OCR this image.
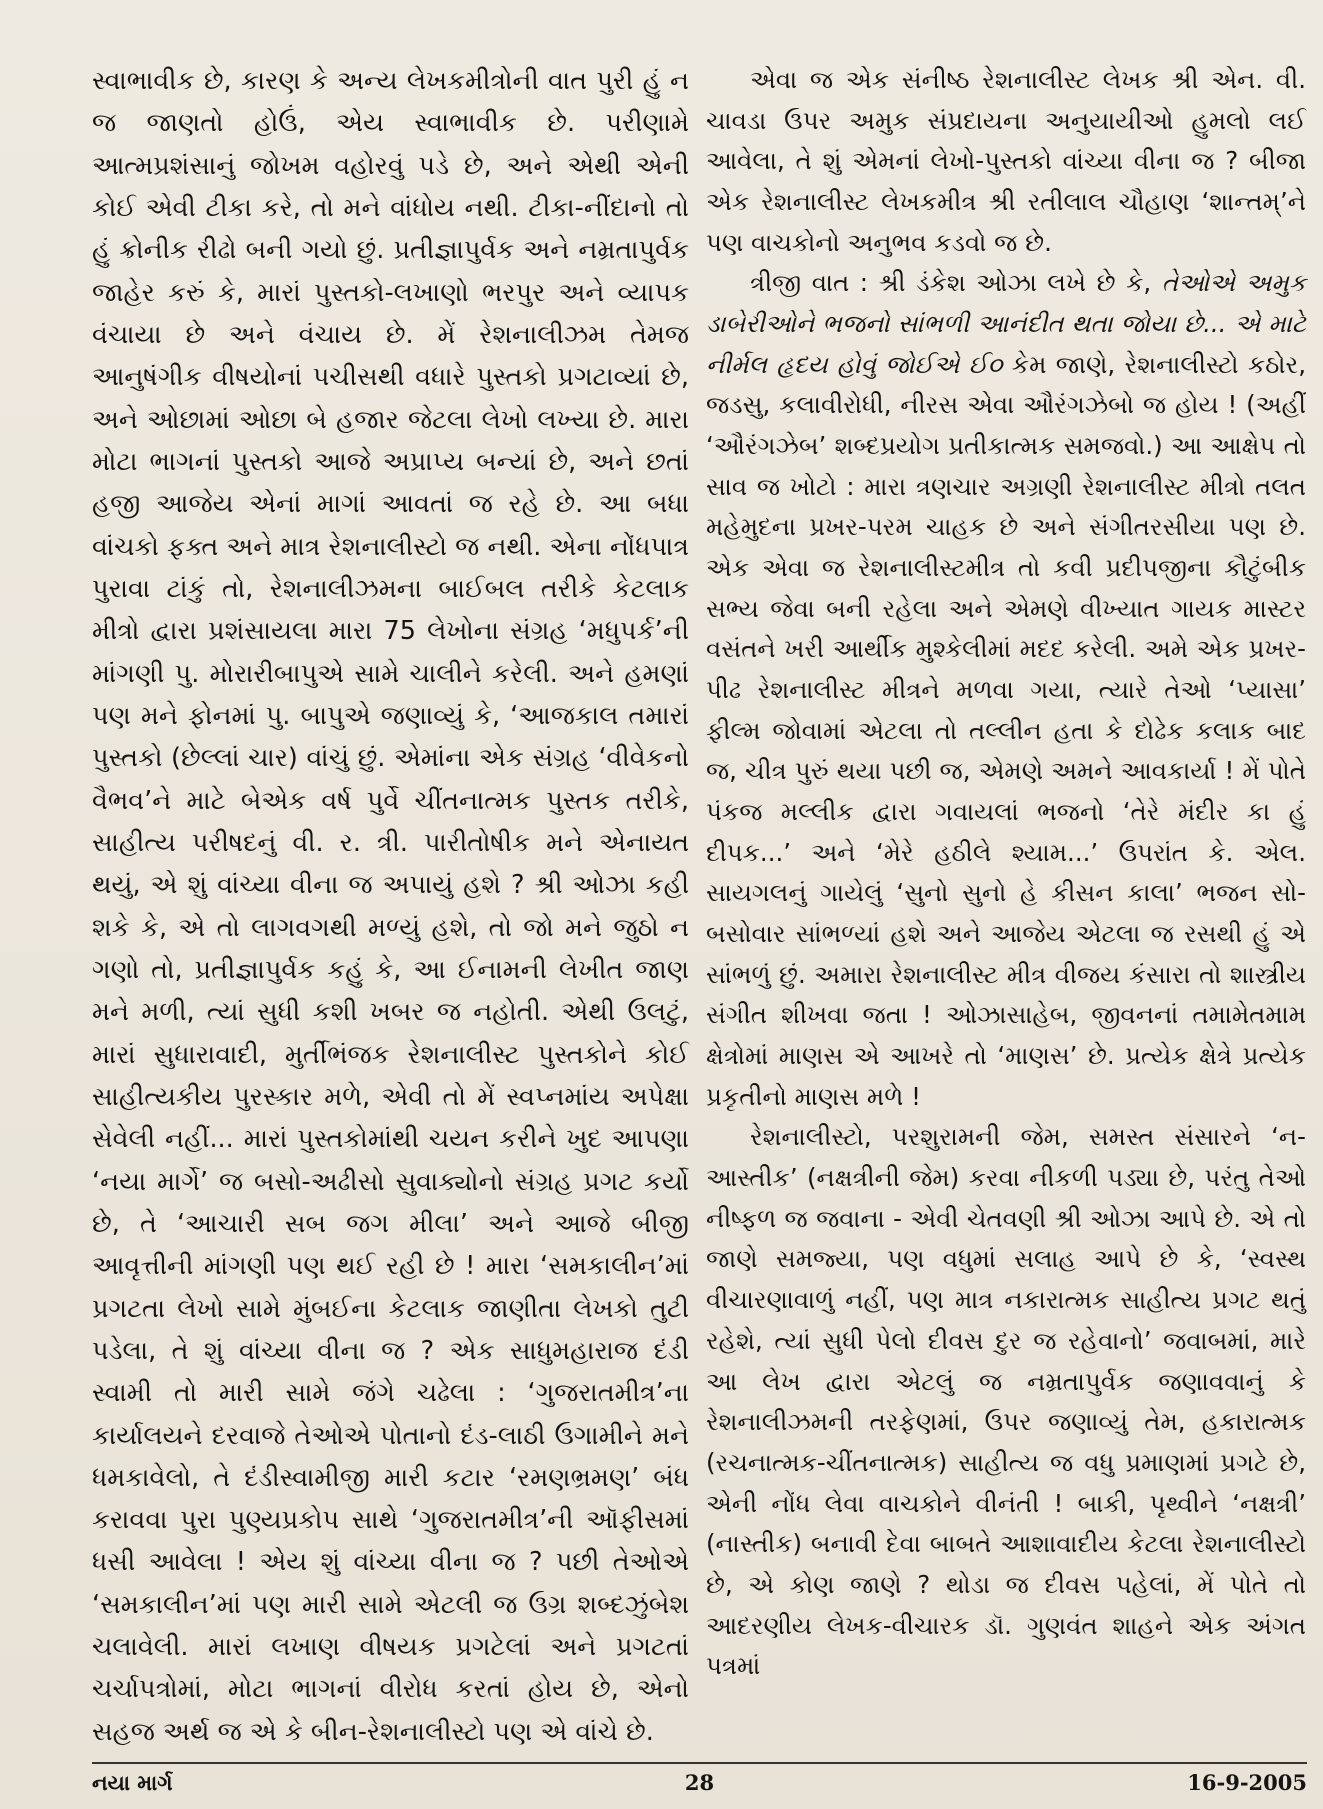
સ્વાભાવીક છે, કારણ કે અન્ય લેખકમીત્રોની વાત પુરી હું ન જ જાણતો હોઉં, એય સ્વાભાવીક છે. પરીણામે આત્મપ્રશંસાનું જોખમ વહોરવું પડે છે, અને એથી એની કોઈ એવી ટીકા કરે, તો મને વાંધોય નથી. ટીકા-નીંદાનો તો હું ક્રોનીક રીઢો બની ગયો છું. પ્રતીજ્ઞાપુર્વક અને નમ્રતાપુર્વક જાહેર કરું કે, મારાં પુસ્તકો-લખાણો ભરપુર અને વ્યાપક વંચાયા છે અને વંચાય છે. મેં રેશનાલીઝમ તેમજ આનુષંગીક વીષયોનાં પચીસથી વધારે પુસ્તકો પ્રગટાવ્યાં છે, અને ઓછામાં ઓછા બે હજાર જેટલા લેખો લખ્યા છે. મારા મોટા ભાગનાં પુસ્તકો આજે અપ્રાપ્ય બન્યાં છે, અને છતાં હજી આજેય એનાં માગાં આવતાં જ રહે છે. આ બધા વાંચકો ફક્ત અને માત્ર રેશનાલીસ્ટો જ નથી. એના નોંધપાત્ર પુરાવા ટાંકું તો, રેશનાલીઝમના બાઈબલ તરીકે કેટલાક મીત્રો દ્વારા પ્રશંસાયલા મારા 75 લેખોના સંગ્રહ ‘મધુપર્ક’ની માંગણી પુ. મોરારીબાપુએ સામે ચાલીને કરેલી. અને હમણાં પણ મને ફોનમાં પુ. બાપુએ જણાવ્યું કે, ‘આજકાલ તમારાં પુસ્તકો (છેલ્લાં ચાર) વાંચું છું. એમાંના એક સંગ્રહ ‘વીવેકનો વૈભવ’ને માટે બેએક વર્ષ પુર્વે ચીંતનાત્મક પુસ્તક તરીકે, સાહીત્ય પરીષદનું વી. ર. ત્રી. પારીતોષીક મને એનાયત થયું, એ શું વાંચ્યા વીના જ અપાયું હશે ? શ્રી ઓઝા કહી શકે કે, એ તો લાગવગથી મળ્યું હશે, તો જો મને જુઠો ન ગણો તો, પ્રતીજ્ઞાપુર્વક કહું કે, આ ઈનામની લેખીત જાણ મને મળી, ત્યાં સુધી કશી ખબર જ નહોતી. એથી ઉલટું, મારાં સુધારાવાદી, મુર્તીભંજક રેશનાલીસ્ટ પુસ્તકોને કોઈ સાહીત્યકીય પુરસ્કાર મળે, એવી તો મેં સ્વપ્નમાંય અપેક્ષા સેવેલી નહીં... મારાં પુસ્તકોમાંથી ચયન કરીને ખુદ આપણા ‘નયા માર્ગે’ જ બસો-અઢીસો સુવાક્યોનો સંગ્રહ પ્રગટ કર્યો છે, તે ‘આચારી સબ જગ મીલા’ અને આજે બીજી આવૃત્તીની માંગણી પણ થઈ રહી છે ! મારા ‘સમકાલીન’માં પ્રગટતા લેખો સામે મુંબઈના કેટલાક જાણીતા લેખકો તુટી પડેલા, તે શું વાંચ્યા વીના જ ? એક સાધુમહારાજ દંડી સ્વામી તો મારી સામે જંગે ચઢેલા : ‘ગુજરાતમીત્ર’ના કાર્યાલયને દરવાજે તેઓએ પોતાનો દંડ-લાઠી ઉગામીને મને ધમકાવેલો, તે દંડીસ્વામીજી મારી કટાર ‘રમણભ્રમણ’ બંધ કરાવવા પુરા પુણ્યપ્રકોપ સાથે ‘ગુજરાતમીત્ર’ની ઑફીસમાં ધસી આવેલા ! એય શું વાંચ્યા વીના જ ? પછી તેઓએ ‘સમકાલીન’માં પણ મારી સામે એટલી જ ઉગ્ર શબ્દઝુંબેશ ચલાવેલી. મારાં લખાણ વીષયક પ્રગટેલાં અને પ્રગટતાં ચર્ચાપત્રોમાં, મોટા ભાગનાં વીરોધ કરતાં હોય છે, એનો સહજ અર્થ જ એ કે બીન-રેશનાલીસ્ટો પણ એ વાંચે છે.

એવા જ એક સંનીષ્ઠ રેશનાલીસ્ટ લેખક શ્રી એન. વી. ચાવડા ઉપર અમુક સંપ્રદાયના અનુયાયીઓ હુમલો લઈ આવેલા, તે શું એમનાં લેખો-પુસ્તકો વાંચ્યા વીના જ ? બીજા એક રેશનાલીસ્ટ લેખકમીત્ર શ્રી રતીલાલ ચૌહાણ ‘શાન્તમ્’ને પણ વાચકોનો અનુભવ કડવો જ છે.

ત્રીજી વાત : શ્રી ડંકેશ ઓઝા લખે છે કે, તેઓએ અમુક ડાબેરીઓને ભજનો સાંભળી આનંદીત થતા જોયા છે... એ માટે નીર્મલ હૃદય હોવું જોઈએ ઈ૦ કેમ જાણે, રેશનાલીસ્ટો કઠોર, જડસુ, કલાવીરોધી, નીરસ એવા ઔરંગઝેબો જ હોય ! (અહીં ‘ઔરંગઝેબ’ શબ્દપ્રયોગ પ્રતીકાત્મક સમજવો.) આ આક્ષેપ તો સાવ જ ખોટો : મારા ત્રણચાર અગ્રણી રેશનાલીસ્ટ મીત્રો તલત મહેમુદના પ્રખર-પરમ ચાહક છે અને સંગીતરસીયા પણ છે. એક એવા જ રેશનાલીસ્ટમીત્ર તો કવી પ્રદીપજીના કૌટુંબીક સભ્ય જેવા બની રહેલા અને એમણે વીખ્યાત ગાયક માસ્ટર વસંતને ખરી આર્થીક મુશ્કેલીમાં મદદ કરેલી. અમે એક પ્રખર-પીઢ રેશનાલીસ્ટ મીત્રને મળવા ગયા, ત્યારે તેઓ ‘પ્યાસા’ ફીલ્મ જોવામાં એટલા તો તલ્લીન હતા કે દોઢેક કલાક બાદ જ, ચીત્ર પુરું થયા પછી જ, એમણે અમને આવકાર્યા ! મેં પોતે પંકજ મલ્લીક દ્વારા ગવાયલાં ભજનો ‘તેરે મંદીર કા હું દીપક...’ અને ‘મેરે હઠીલે શ્યામ...’ ઉપરાંત કે. એલ. સાયગલનું ગાયેલું ‘સુનો સુનો હે કીસન કાલા’ ભજન સો-બસોવાર સાંભળ્યાં હશે અને આજેય એટલા જ રસથી હું એ સાંભળું છું. અમારા રેશનાલીસ્ટ મીત્ર વીજય કંસારા તો શાસ્ત્રીય સંગીત શીખવા જતા ! ઓઝાસાહેબ, જીવનનાં તમામેતમામ ક્ષેત્રોમાં માણસ એ આખરે તો ‘માણસ’ છે. પ્રત્યેક ક્ષેત્રે પ્રત્યેક પ્રકૃતીનો માણસ મળે !

રેશનાલીસ્ટો, પરશુરામની જેમ, સમસ્ત સંસારને ‘ન-આસ્તીક’ (નક્ષત્રીની જેમ) કરવા નીકળી પડ્યા છે, પરંતુ તેઓ નીષ્ફળ જ જવાના - એવી ચેતવણી શ્રી ઓઝા આપે છે. એ તો જાણે સમજ્યા, પણ વધુમાં સલાહ આપે છે કે, ‘સ્વસ્થ વીચારણાવાળું નહીં, પણ માત્ર નકારાત્મક સાહીત્ય પ્રગટ થતું રહેશે, ત્યાં સુધી પેલો દીવસ દુર જ રહેવાનો’ જવાબમાં, મારે આ લેખ દ્વારા એટલું જ નમ્રતાપુર્વક જણાવવાનું કે રેશનાલીઝમની તરફેણમાં, ઉપર જણાવ્યું તેમ, હકારાત્મક (રચનાત્મક-ચીંતનાત્મક) સાહીત્ય જ વધુ પ્રમાણમાં પ્રગટે છે, એની નોંધ લેવા વાચકોને વીનંતી ! બાકી, પૃથ્વીને ‘નક્ષત્રી’ (નાસ્તીક) બનાવી દેવા બાબતે આશાવાદીય કેટલા રેશનાલીસ્ટો છે, એ કોણ જાણે ? થોડા જ દીવસ પહેલાં, મેં પોતે તો આદરણીય લેખક-વીચારક ડૉ. ગુણવંત શાહને એક અંગત પત્રમાં

નયા માર્ગ	28	16-9-2005
